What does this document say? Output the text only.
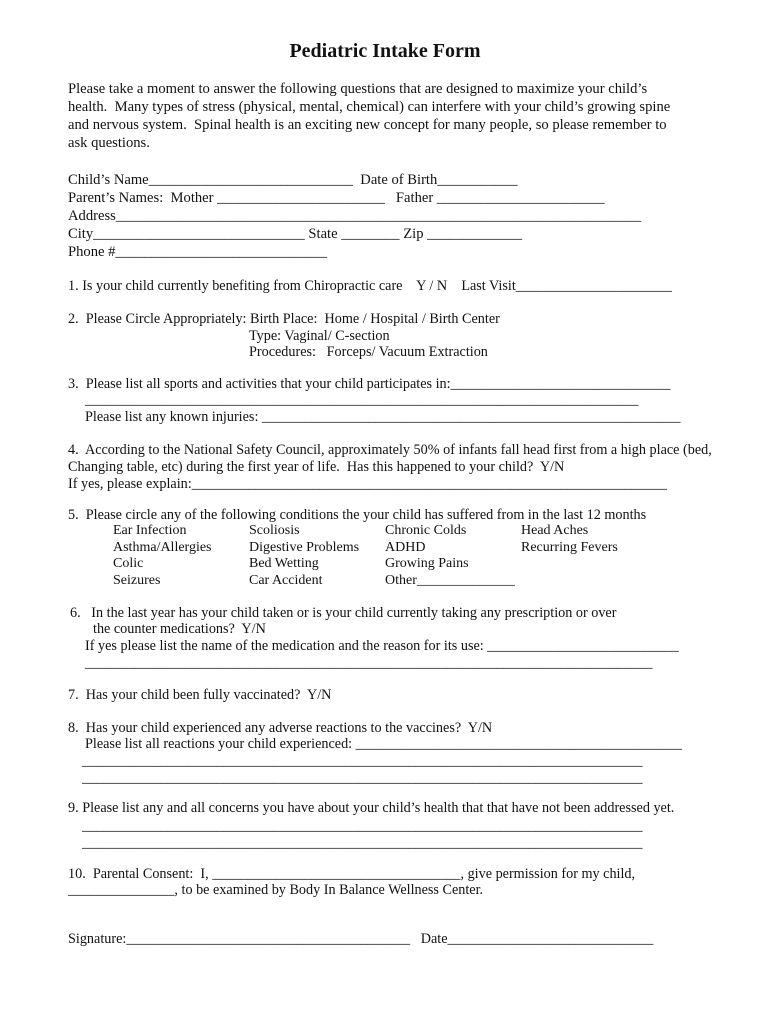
Pediatric Intake Form
Please take a moment to answer the following questions that are designed to maximize your child’s
health.  Many types of stress (physical, mental, chemical) can interfere with your child’s growing spine
and nervous system.  Spinal health is an exciting new concept for many people, so please remember to
ask questions.
Child’s Name____________________________  Date of Birth___________
Parent’s Names:  Mother _______________________   Father _______________________
Address________________________________________________________________________
City_____________________________ State ________ Zip _____________
Phone #_____________________________
1. Is your child currently benefiting from Chiropractic care    Y / N    Last Visit______________________
2.  Please Circle Appropriately: Birth Place:  Home / Hospital / Birth Center
Type: Vaginal/ C-section
Procedures:   Forceps/ Vacuum Extraction
3.  Please list all sports and activities that your child participates in:_______________________________
______________________________________________________________________________
Please list any known injuries: ___________________________________________________________
4.  According to the National Safety Council, approximately 50% of infants fall head first from a high place (bed,
Changing table, etc) during the first year of life.  Has this happened to your child?  Y/N
If yes, please explain:___________________________________________________________________
5.  Please circle any of the following conditions the your child has suffered from in the last 12 months
Ear Infection
Asthma/Allergies
Colic
Seizures
Scoliosis
Digestive Problems
Bed Wetting
Car Accident
Chronic Colds
ADHD
Growing Pains
Other______________
Head Aches
Recurring Fevers
6.   In the last year has your child taken or is your child currently taking any prescription or over
the counter medications?  Y/N
If yes please list the name of the medication and the reason for its use: ___________________________
________________________________________________________________________________
7.  Has your child been fully vaccinated?  Y/N
8.  Has your child experienced any adverse reactions to the vaccines?  Y/N
Please list all reactions your child experienced: ______________________________________________
_______________________________________________________________________________
_______________________________________________________________________________
9. Please list any and all concerns you have about your child’s health that that have not been addressed yet.
_______________________________________________________________________________
_______________________________________________________________________________
10.  Parental Consent:  I, ___________________________________, give permission for my child,
_______________, to be examined by Body In Balance Wellness Center.
Signature:________________________________________   Date_____________________________
